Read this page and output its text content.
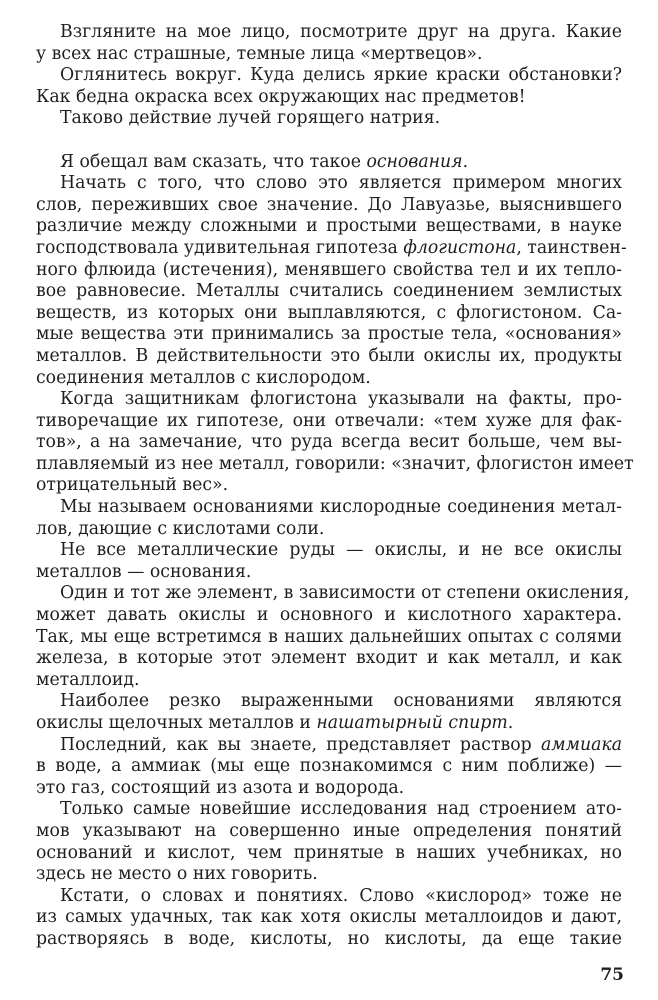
Взгляните на мое лицо, посмотрите друг на друга. Какие
у всех нас страшные, темные лица «мертвецов».
Оглянитесь вокруг. Куда делись яркие краски обстановки?
Как бедна окраска всех окружающих нас предметов!
Таково действие лучей горящего натрия.
Я обещал вам сказать, что такое основания.
Начать с того, что слово это является примером многих
слов, переживших свое значение. До Лавуазье, выяснившего
различие между сложными и простыми веществами, в науке
господствовала удивительная гипотеза флогистона, таинствен-
ного флюида (истечения), менявшего свойства тел и их тепло-
вое равновесие. Металлы считались соединением землистых
веществ, из которых они выплавляются, с флогистоном. Са-
мые вещества эти принимались за простые тела, «основания»
металлов. В действительности это были окислы их, продукты
соединения металлов с кислородом.
Когда защитникам флогистона указывали на факты, про-
тиворечащие их гипотезе, они отвечали: «тем хуже для фак-
тов», а на замечание, что руда всегда весит больше, чем вы-
плавляемый из нее металл, говорили: «значит, флогистон имеет
отрицательный вес».
Мы называем основаниями кислородные соединения метал-
лов, дающие с кислотами соли.
Не все металлические руды — окислы, и не все окислы
металлов — основания.
Один и тот же элемент, в зависимости от степени окисления,
может давать окислы и основного и кислотного характера.
Так, мы еще встретимся в наших дальнейших опытах с солями
железа, в которые этот элемент входит и как металл, и как
металлоид.
Наиболее резко выраженными основаниями являются
окислы щелочных металлов и нашатырный спирт.
Последний, как вы знаете, представляет раствор аммиака
в воде, а аммиак (мы еще познакомимся с ним поближе) —
это газ, состоящий из азота и водорода.
Только самые новейшие исследования над строением ато-
мов указывают на совершенно иные определения понятий
оснований и кислот, чем принятые в наших учебниках, но
здесь не место о них говорить.
Кстати, о словах и понятиях. Слово «кислород» тоже не
из самых удачных, так как хотя окислы металлоидов и дают,
растворяясь в воде, кислоты, но кислоты, да еще такие
75
